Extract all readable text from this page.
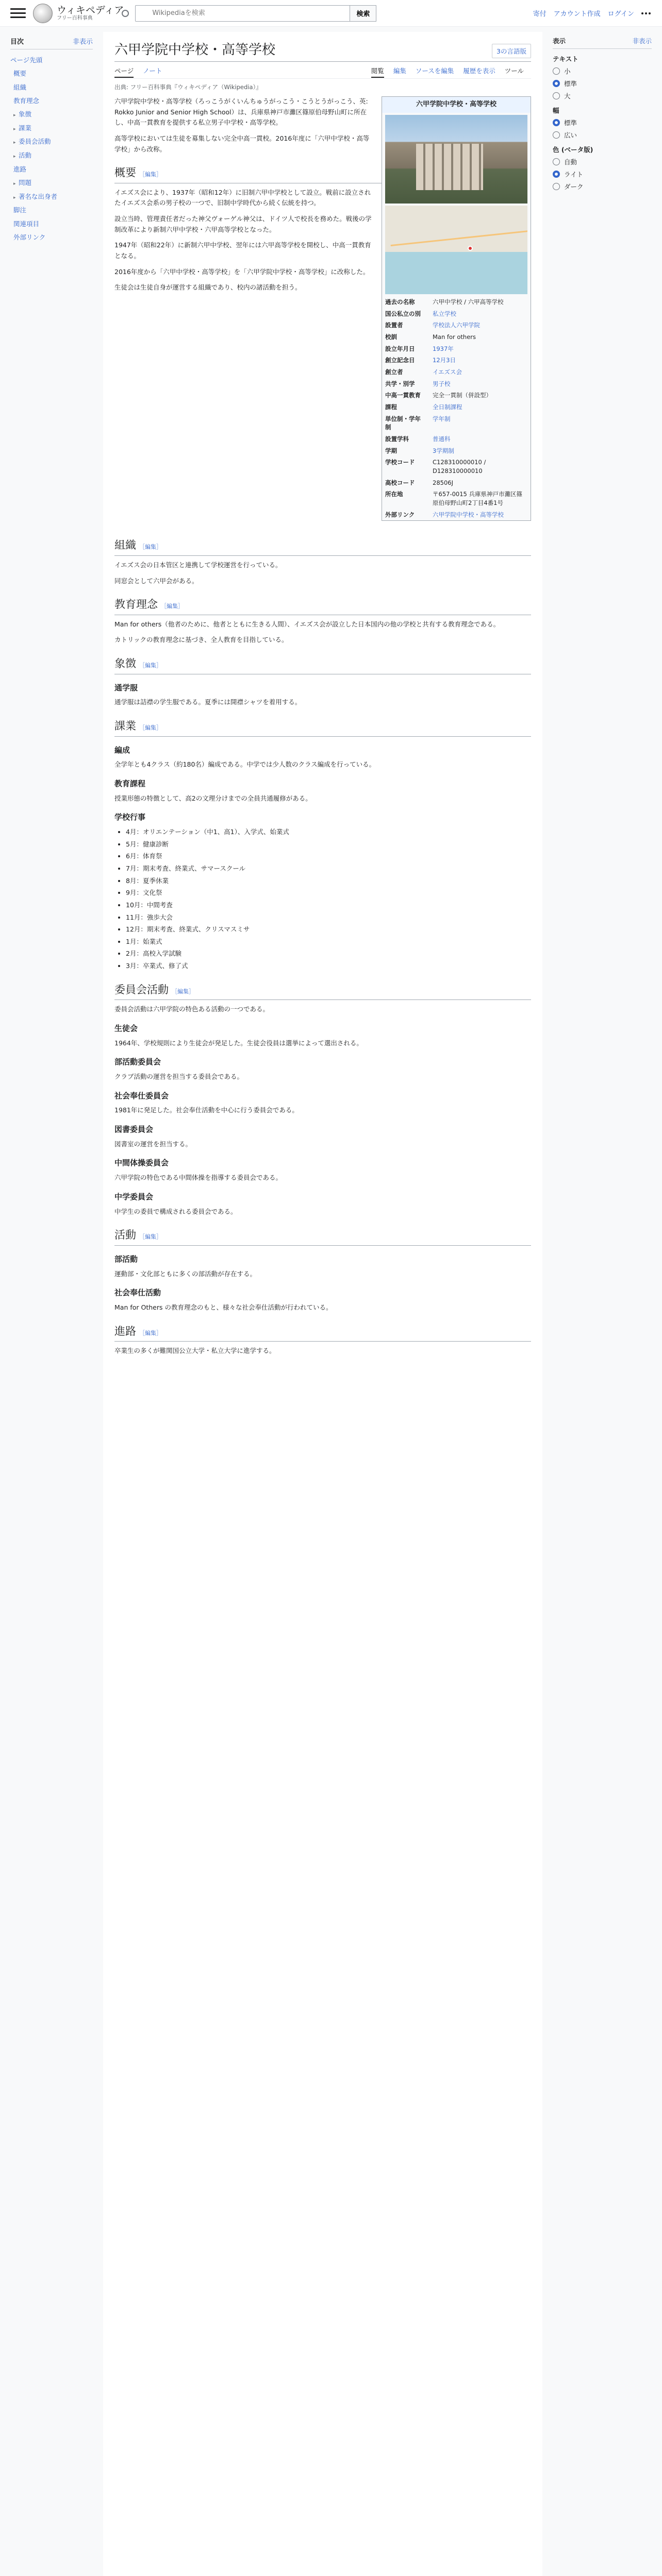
ウィキペディア
フリー百科事典
Wikipediaを検索
検索	寄付 アカウント作成 ログイン
目次	非表示
ページ先頭
概要
組織
教育理念
▸ 象徴
▸ 課業
▸ 委員会活動
▸ 活動
進路
▸ 問題
▸ 著名な出身者
脚注
関連項目
外部リンク
六甲学院中学校・高等学校	3の言語版
ページ ノート	閲覧 編集 ソースを編集 履歴を表示 ツール
出典: フリー百科事典『ウィキペディア（Wikipedia）』
六甲学院中学校・高等学校
過去の名称	六甲中学校 / 六甲高等学校
国公私立の別	私立学校
設置者	学校法人六甲学院
校訓	Man for others
設立年月日	1937年
創立記念日	12月3日
創立者	イエズス会
共学・別学	男子校
中高一貫教育	完全一貫制（併設型）
課程	全日制課程
単位制・学年制	学年制
設置学科	普通科
学期	3学期制
学校コード	C128310000010 / D128310000010
高校コード	28506J
所在地	〒657-0015 兵庫県神戸市灘区篠原伯母野山町2丁目4番1号
外部リンク	六甲学院中学校・高等学校

六甲学院中学校・高等学校（ろっこうがくいんちゅうがっこう・こうとうがっこう、英: Rokko Junior and Senior High School）は、兵庫県神戸市灘区篠原伯母野山町に所在し、中高一貫教育を提供する私立男子中学校・高等学校。

高等学校においては生徒を募集しない完全中高一貫校。2016年度に「六甲中学校・高等学校」から改称。

概要 ［編集］

イエズス会により、1937年（昭和12年）に旧制六甲中学校として設立。戦前に設立されたイエズス会系の男子校の一つで、旧制中学時代から続く伝統を持つ。

設立当時、管理責任者だった神父ヴォーゲル神父は、ドイツ人で校長を務めた。戦後の学制改革により新制六甲中学校・六甲高等学校となった。

1947年（昭和22年）に新制六甲中学校、翌年には六甲高等学校を開校し、中高一貫教育となる。

2016年度から「六甲中学校・高等学校」を「六甲学院中学校・高等学校」に改称した。

生徒会は生徒自身が運営する組織であり、校内の諸活動を担う。

組織 ［編集］

イエズス会の日本管区と連携して学校運営を行っている。

同窓会として六甲会がある。

教育理念 ［編集］

Man for others（他者のために、他者とともに生きる人間）、イエズス会が設立した日本国内の他の学校と共有する教育理念である。

カトリックの教育理念に基づき、全人教育を目指している。

象徴 ［編集］
通学服

通学服は詰襟の学生服である。夏季には開襟シャツを着用する。

課業 ［編集］
編成

全学年とも4クラス（約180名）編成である。中学では少人数のクラス編成を行っている。

教育課程

授業形態の特徴として、高2の文理分けまでの全員共通履修がある。

学校行事
• 4月：オリエンテーション（中1、高1）、入学式、始業式
• 5月：健康診断
• 6月：体育祭
• 7月：期末考査、終業式、サマースクール
• 8月：夏季休業
• 9月：文化祭
• 10月：中間考査
• 11月：強歩大会
• 12月：期末考査、終業式、クリスマスミサ
• 1月：始業式
• 2月：高校入学試験
• 3月：卒業式、修了式
委員会活動 ［編集］

委員会活動は六甲学院の特色ある活動の一つである。

生徒会

1964年、学校規則により生徒会が発足した。生徒会役員は選挙によって選出される。

部活動委員会

クラブ活動の運営を担当する委員会である。

社会奉仕委員会

1981年に発足した。社会奉仕活動を中心に行う委員会である。

図書委員会

図書室の運営を担当する。

中間体操委員会

六甲学院の特色である中間体操を指導する委員会である。

中学委員会

中学生の委員で構成される委員会である。

活動 ［編集］
部活動

運動部・文化部ともに多くの部活動が存在する。

社会奉仕活動

Man for Others の教育理念のもと、様々な社会奉仕活動が行われている。

進路 ［編集］

卒業生の多くが難関国公立大学・私立大学に進学する。

表示	非表示
テキスト
小
標準
大
幅
標準
広い
色 (ベータ版)
自動
ライト
ダーク
